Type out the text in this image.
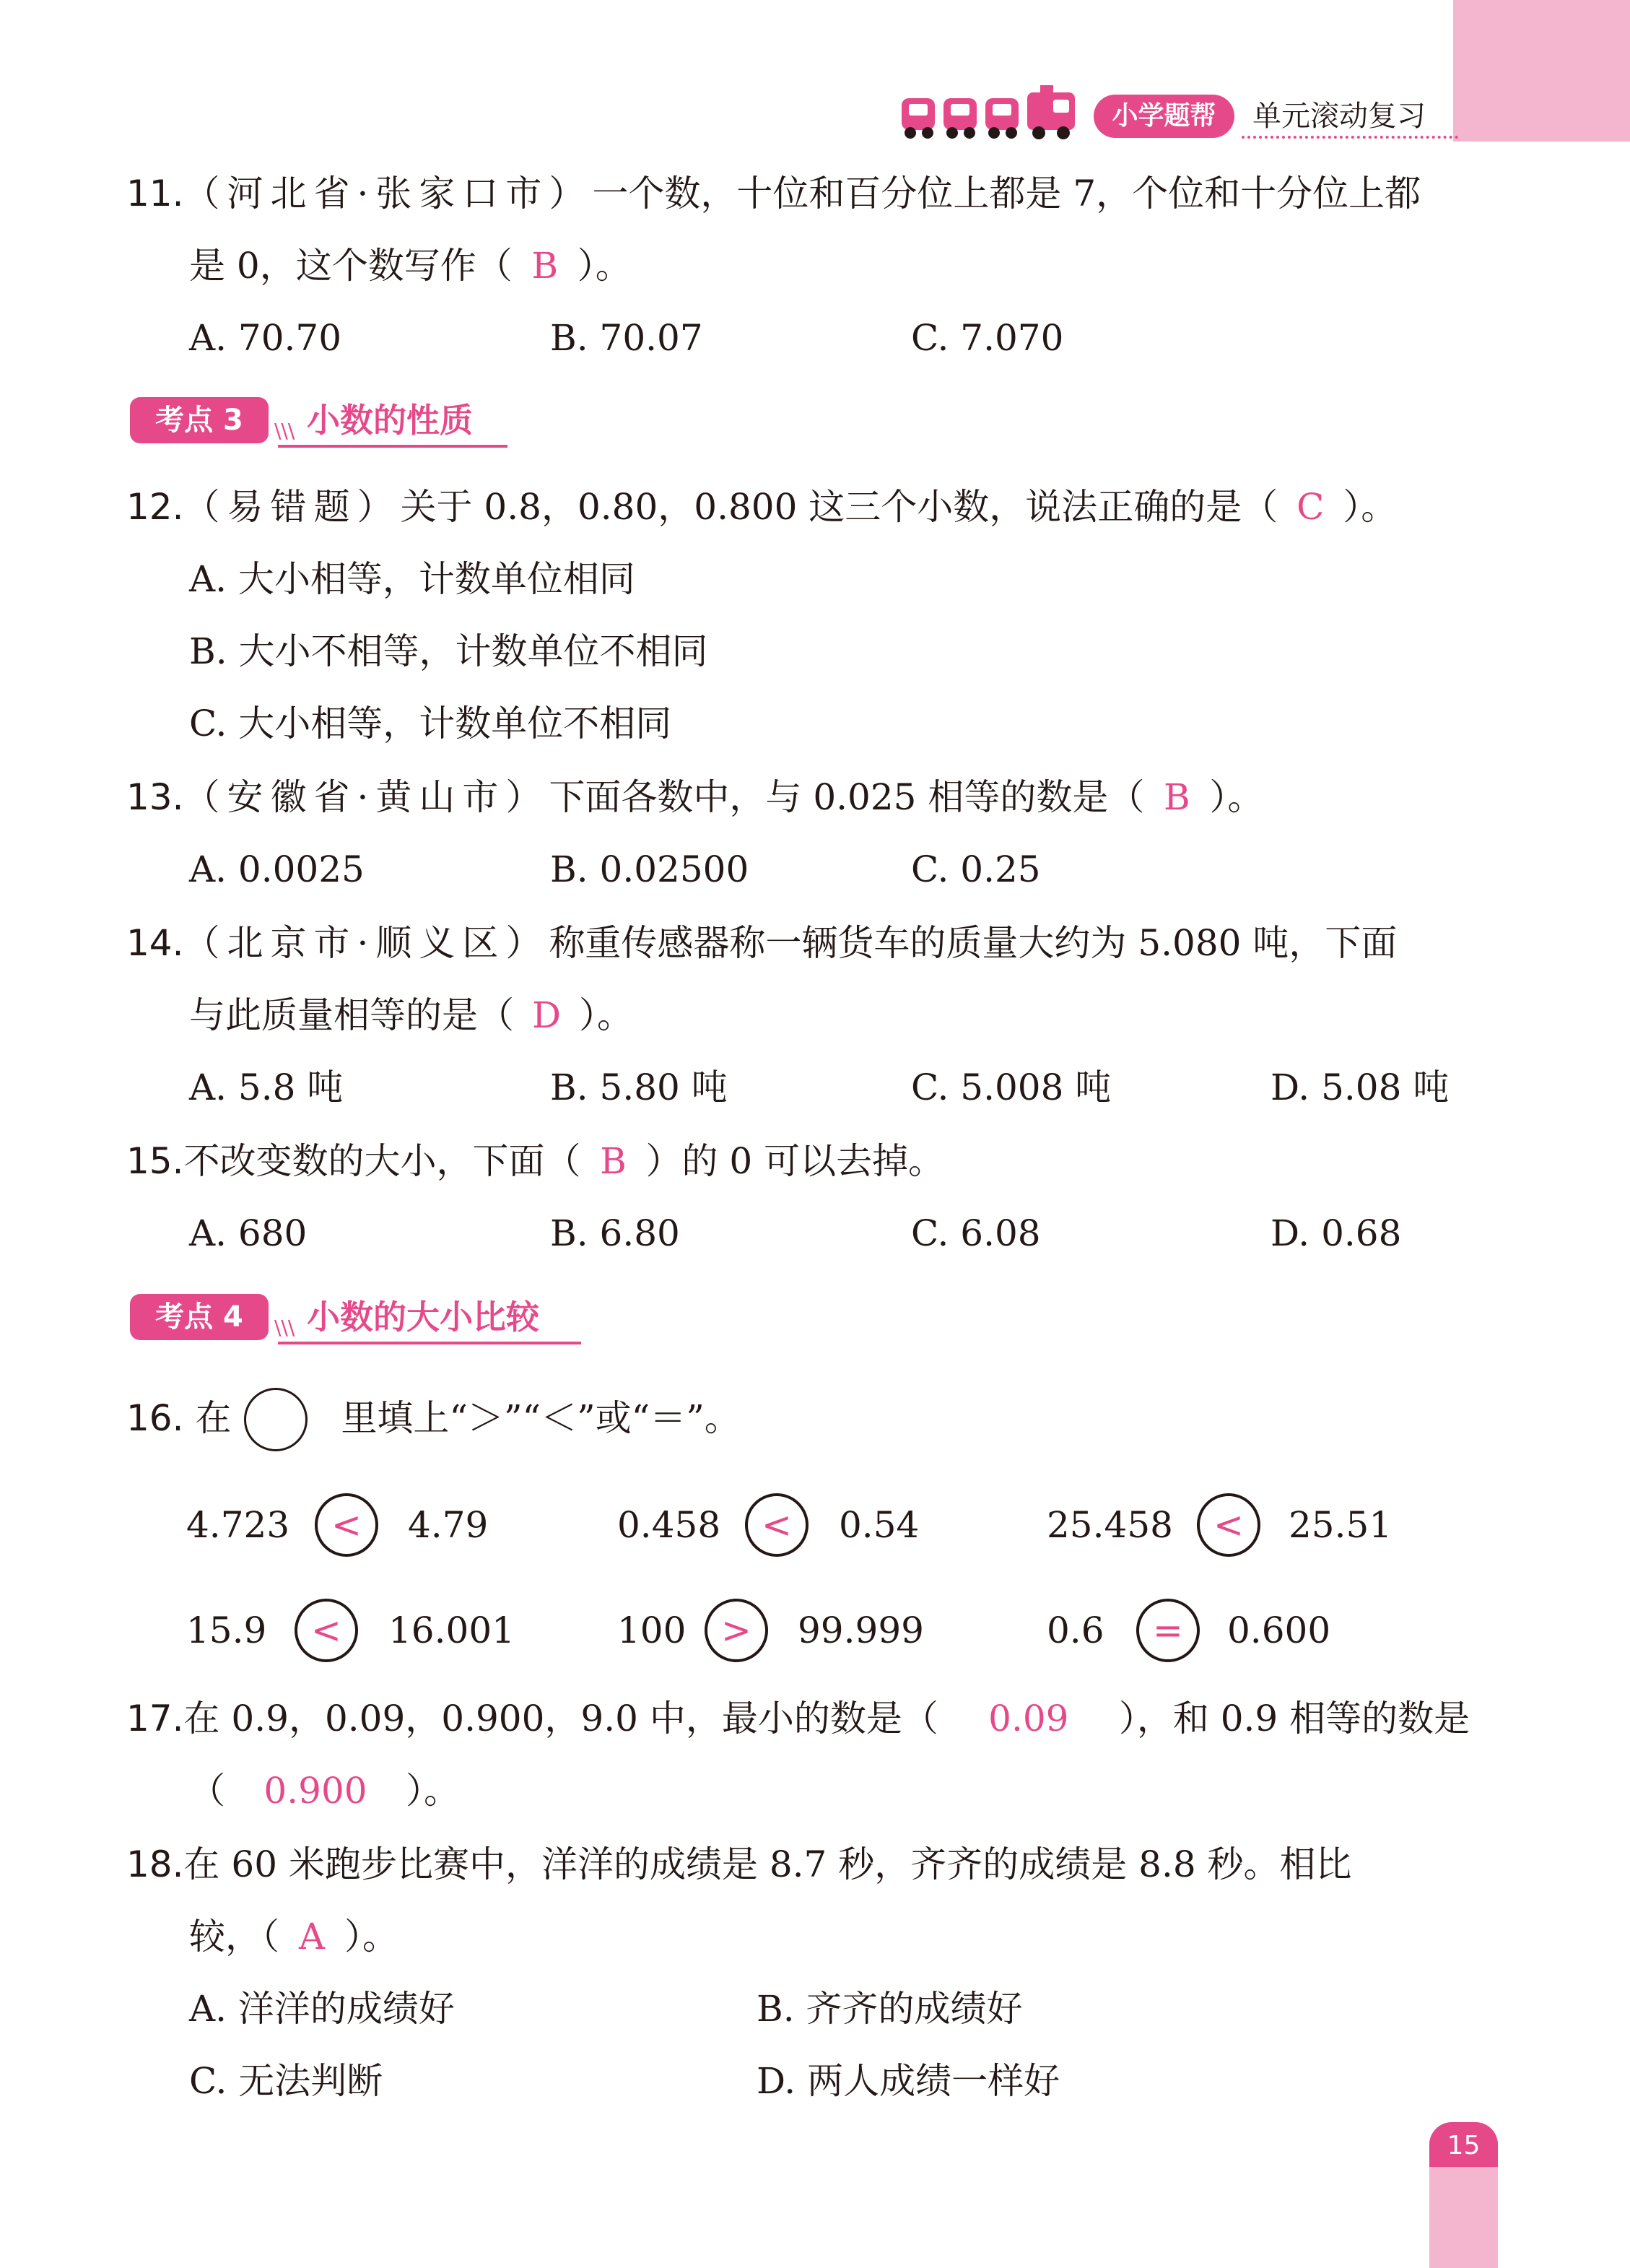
小学题帮	单元滚动复习
11.（河北省·张家口市）一个数，十位和百分位上都是 7，个位和十分位上都
是 0，这个数写作（ B ）。
A. 70.70	B. 70.07	C. 7.070
考点 3	\\\ 小数的性质
12.（易错题）关于 0.8，0.80，0.800 这三个小数，说法正确的是（ C ）。
A. 大小相等，计数单位相同
B. 大小不相等，计数单位不相同
C. 大小相等，计数单位不相同
13.（安徽省·黄山市）下面各数中，与 0.025 相等的数是（ B ）。
A. 0.0025	B. 0.02500	C. 0.25
14.（北京市·顺义区）称重传感器称一辆货车的质量大约为 5.080 吨，下面
与此质量相等的是（ D ）。
A. 5.8 吨	B. 5.80 吨	C. 5.008 吨	D. 5.08 吨
15.不改变数的大小，下面（ B ）的 0 可以去掉。
A. 680	B. 6.80	C. 6.08	D. 0.68
考点 4	\\\ 小数的大小比较
16. 在	里填上“＞”“＜”或“＝”。
4.723	<	4.79	0.458	<	0.54	25.458	<	25.51
15.9	<	16.001	100 >	99.999	0.6	=	0.600
17.在 0.9，0.09，0.900，9.0 中，最小的数是（ 0.09 ），和 0.9 相等的数是
（ 0.900 ）。
18.在 60 米跑步比赛中，洋洋的成绩是 8.7 秒，齐齐的成绩是 8.8 秒。相比
较，（ A ）。
A. 洋洋的成绩好	B. 齐齐的成绩好
C. 无法判断	D. 两人成绩一样好
15
